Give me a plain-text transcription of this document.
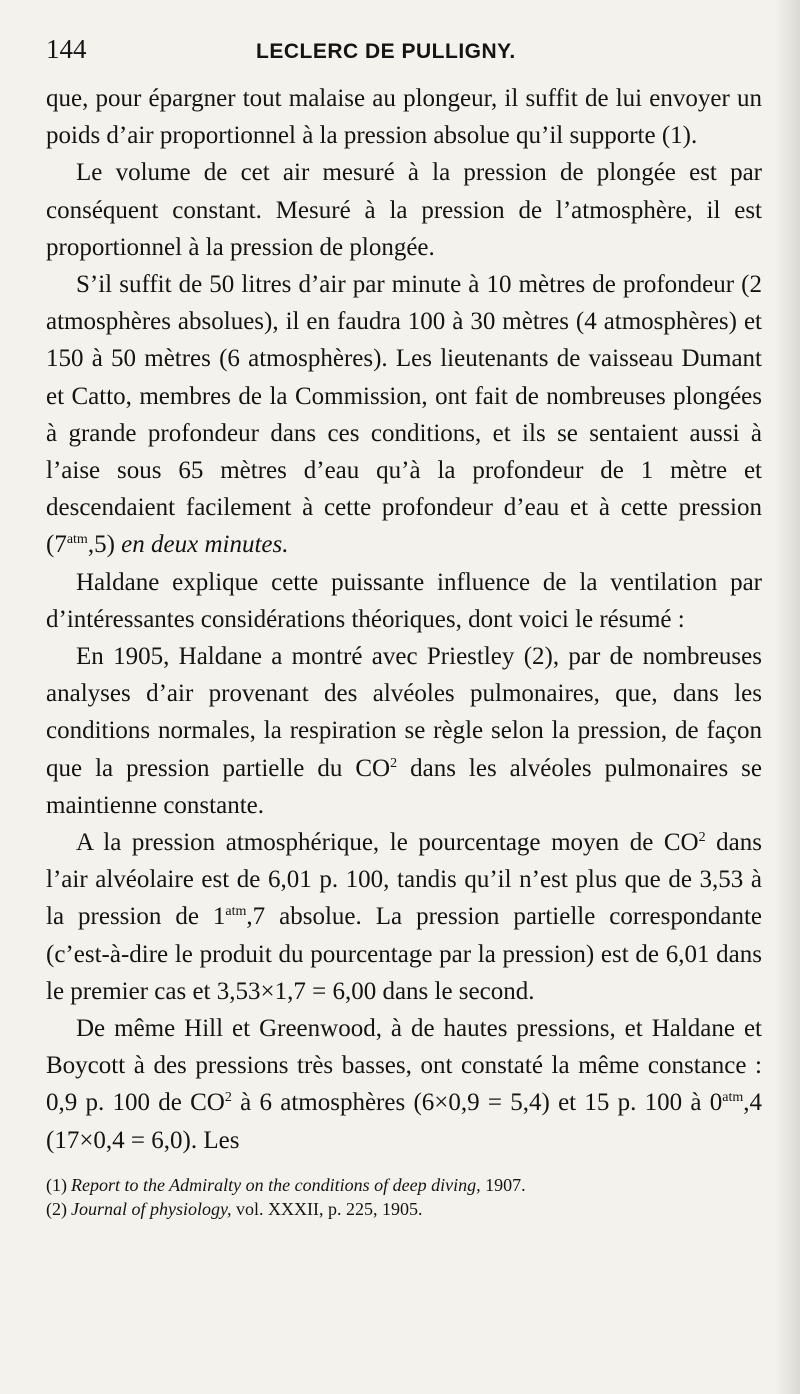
144	LECLERC DE PULLIGNY.

que, pour épargner tout malaise au plongeur, il suffit de lui envoyer un poids d’air proportionnel à la pression absolue qu’il supporte (1).

Le volume de cet air mesuré à la pression de plongée est par conséquent constant. Mesuré à la pression de l’atmosphère, il est proportionnel à la pression de plongée.

S’il suffit de 50 litres d’air par minute à 10 mètres de profondeur (2 atmosphères absolues), il en faudra 100 à 30 mètres (4 atmosphères) et 150 à 50 mètres (6 atmosphères). Les lieutenants de vaisseau Dumant et Catto, membres de la Commission, ont fait de nombreuses plongées à grande profondeur dans ces conditions, et ils se sentaient aussi à l’aise sous 65 mètres d’eau qu’à la profondeur de 1 mètre et descendaient facilement à cette profondeur d’eau et à cette pression $(7^{atm},5)$ en deux minutes.

Haldane explique cette puissante influence de la ventilation par d’intéressantes considérations théoriques, dont voici le résumé :

En 1905, Haldane a montré avec Priestley (2), par de nombreuses analyses d’air provenant des alvéoles pulmonaires, que, dans les conditions normales, la respiration se règle selon la pression, de façon que la pression partielle du $CO^2$ dans les alvéoles pulmonaires se maintienne constante.

A la pression atmosphérique, le pourcentage moyen de $CO^2$ dans l’air alvéolaire est de 6,01 p. 100, tandis qu’il n’est plus que de 3,53 à la pression de $1^{atm},7$ absolue. La pression partielle correspondante (c’est-à-dire le produit du pourcentage par la pression) est de 6,01 dans le premier cas et 3,53×1,7 = 6,00 dans le second.

De même Hill et Greenwood, à de hautes pressions, et Haldane et Boycott à des pressions très basses, ont constaté la même constance : 0,9 p. 100 de $CO^2$ à 6 atmosphères (6×0,9 = 5,4) et 15 p. 100 à $0^{atm},4$ (17×0,4 = 6,0). Les

(1) Report to the Admiralty on the conditions of deep diving, 1907.
(2) Journal of physiology, vol. XXXII, p. 225, 1905.
